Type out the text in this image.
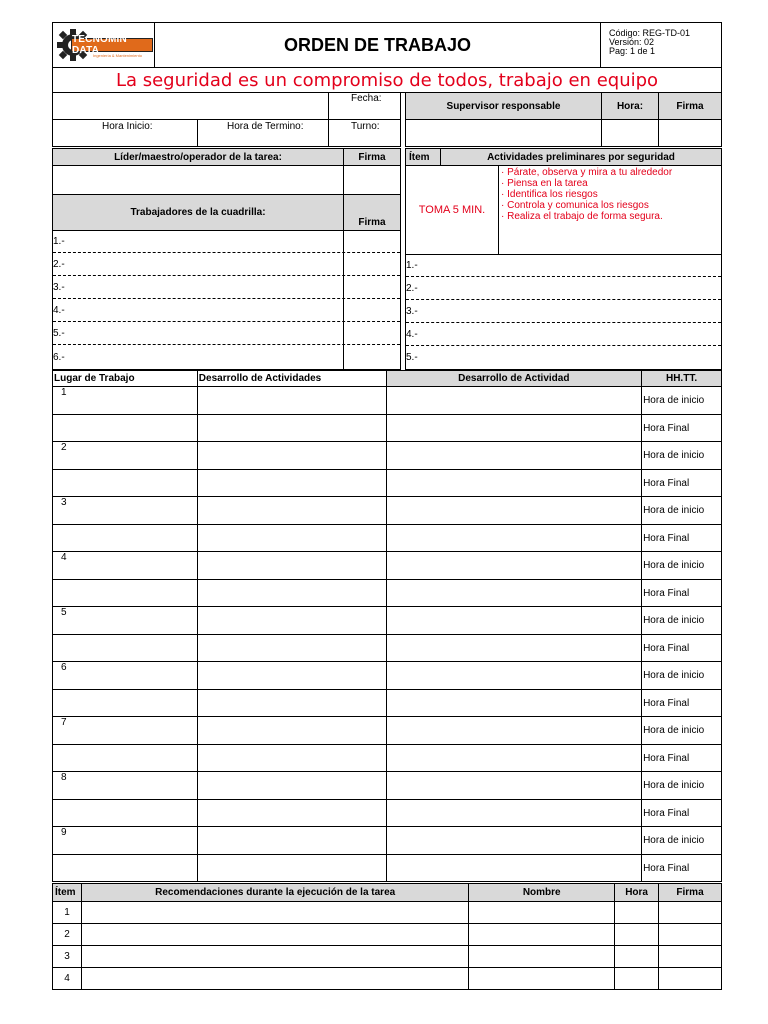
TECNOMIN DATA
Ingeniería & Mantenimiento
ORDEN DE TRABAJO
Código: REG-TD-01
Versión: 02
Pag: 1 de 1
La seguridad es un compromiso de todos, trabajo en equipo
Fecha:
Hora Inicio:	Hora de Termino:	Turno:
Supervisor responsable	Hora:	Firma
Líder/maestro/operador de la tarea:	Firma
Trabajadores de la cuadrilla:
Firma
1.-
2.-
3.-
4.-
5.-
6.-
Ítem	Actividades preliminares por seguridad
TOMA 5 MIN.
· Párate, observa y mira a tu alrededor
· Piensa en la tarea
· Identifica los riesgos
· Controla y comunica los riesgos
· Realiza el trabajo de forma segura.
1.-
2.-
3.-
4.-
5.-
Lugar de Trabajo	Desarrollo de Actividades	Desarrollo de Actividad	HH.TT.
1			Hora de inicio
			Hora Final
2			Hora de inicio
			Hora Final
3			Hora de inicio
			Hora Final
4			Hora de inicio
			Hora Final
5			Hora de inicio
			Hora Final
6			Hora de inicio
			Hora Final
7			Hora de inicio
			Hora Final
8			Hora de inicio
			Hora Final
9			Hora de inicio
			Hora Final
Ítem	Recomendaciones durante la ejecución de la tarea	Nombre	Hora	Firma
1				
2				
3				
4				
